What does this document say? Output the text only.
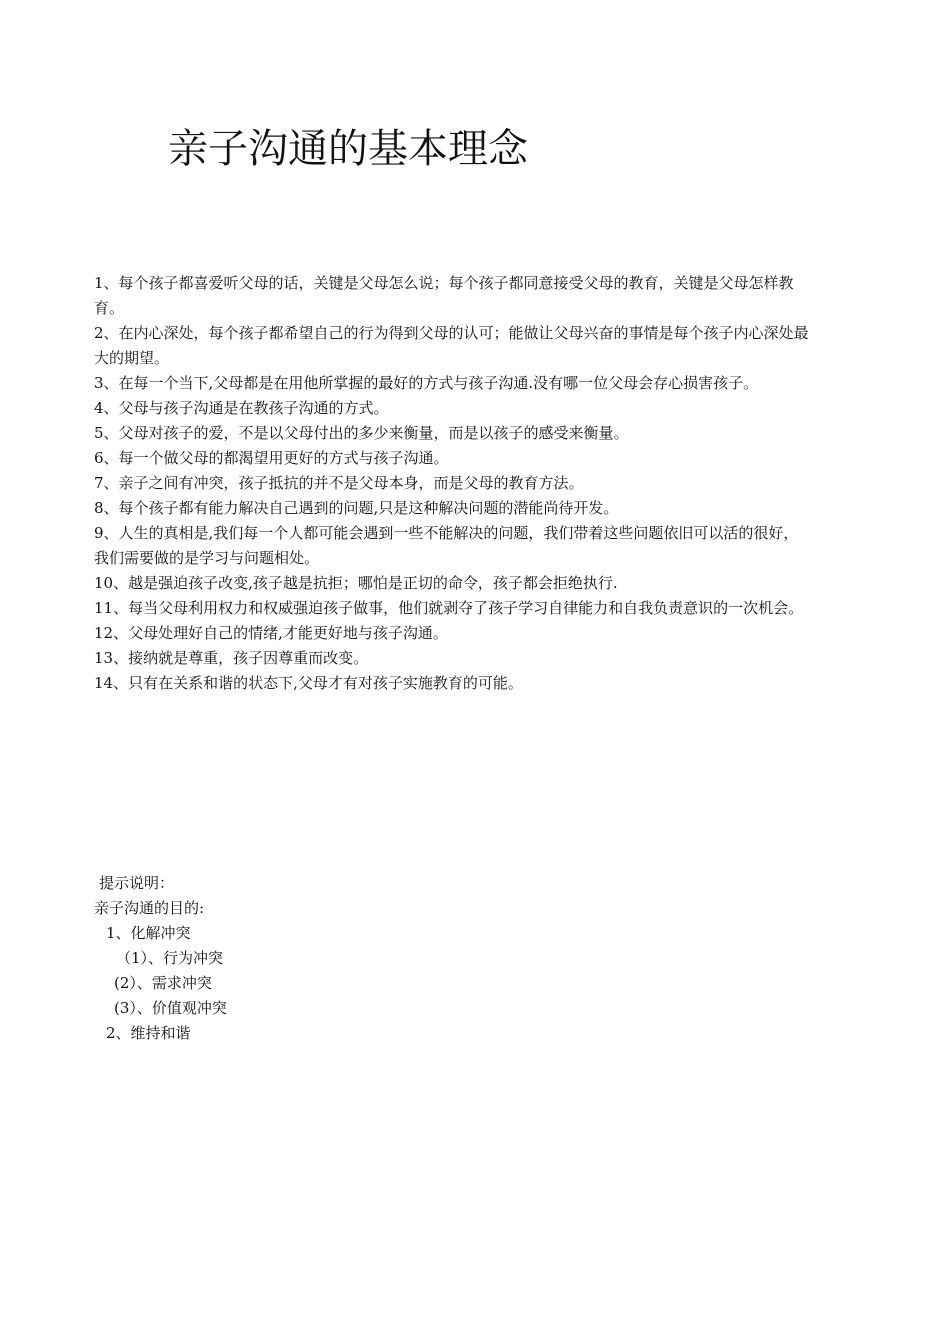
亲子沟通的基本理念
1、每个孩子都喜爱听父母的话，关键是父母怎么说；每个孩子都同意接受父母的教育，关键是父母怎样教育。
2、在内心深处，每个孩子都希望自己的行为得到父母的认可；能做让父母兴奋的事情是每个孩子内心深处最大的期望。
3、在每一个当下,父母都是在用他所掌握的最好的方式与孩子沟通.没有哪一位父母会存心损害孩子。
4、父母与孩子沟通是在教孩子沟通的方式。
5、父母对孩子的爱，不是以父母付出的多少来衡量，而是以孩子的感受来衡量。
6、每一个做父母的都渴望用更好的方式与孩子沟通。
7、亲子之间有冲突，孩子抵抗的并不是父母本身，而是父母的教育方法。
8、每个孩子都有能力解决自己遇到的问题,只是这种解决问题的潜能尚待开发。
9、人生的真相是,我们每一个人都可能会遇到一些不能解决的问题，我们带着这些问题依旧可以活的很好，我们需要做的是学习与问题相处。
10、越是强迫孩子改变,孩子越是抗拒；哪怕是正切的命令，孩子都会拒绝执行.
11、每当父母利用权力和权威强迫孩子做事，他们就剥夺了孩子学习自律能力和自我负责意识的一次机会。
12、父母处理好自己的情绪,才能更好地与孩子沟通。
13、接纳就是尊重，孩子因尊重而改变。
14、只有在关系和谐的状态下,父母才有对孩子实施教育的可能。
提示说明：
亲子沟通的目的:
1、化解冲突
（1）、行为冲突
(2）、需求冲突
(3）、价值观冲突
2、维持和谐
